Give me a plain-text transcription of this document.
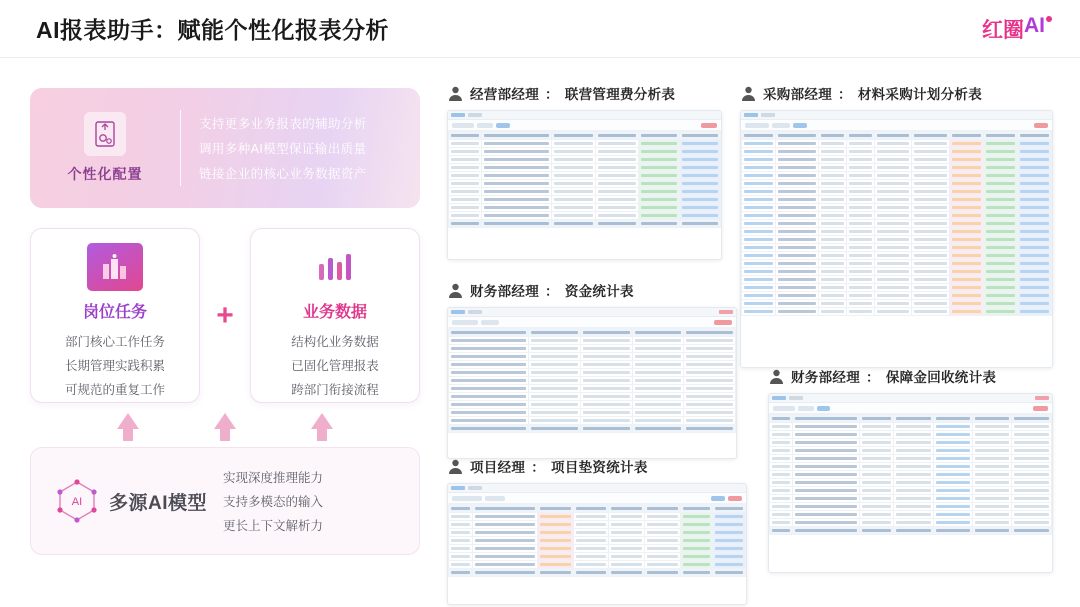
AI报表助手：赋能个性化报表分析	红圈 AI
个性化配置
支持更多业务报表的辅助分析
调用多种AI模型保证输出质量
链接企业的核心业务数据资产
岗位任务
部门核心工作任务
长期管理实践积累
可规范的重复工作
+	业务数据
结构化业务数据
已固化管理报表
跨部门衔接流程
AI 多源AI模型
实现深度推理能力
支持多模态的输入
更长上下文解析力
经营部经理 ： 联营管理费分析表

		采购部经理 ： 材料采购计划分析表

财务部经理 ： 资金统计表

财务部经理 ： 保障金回收统计表

项目经理 ： 项目垫资统计表
